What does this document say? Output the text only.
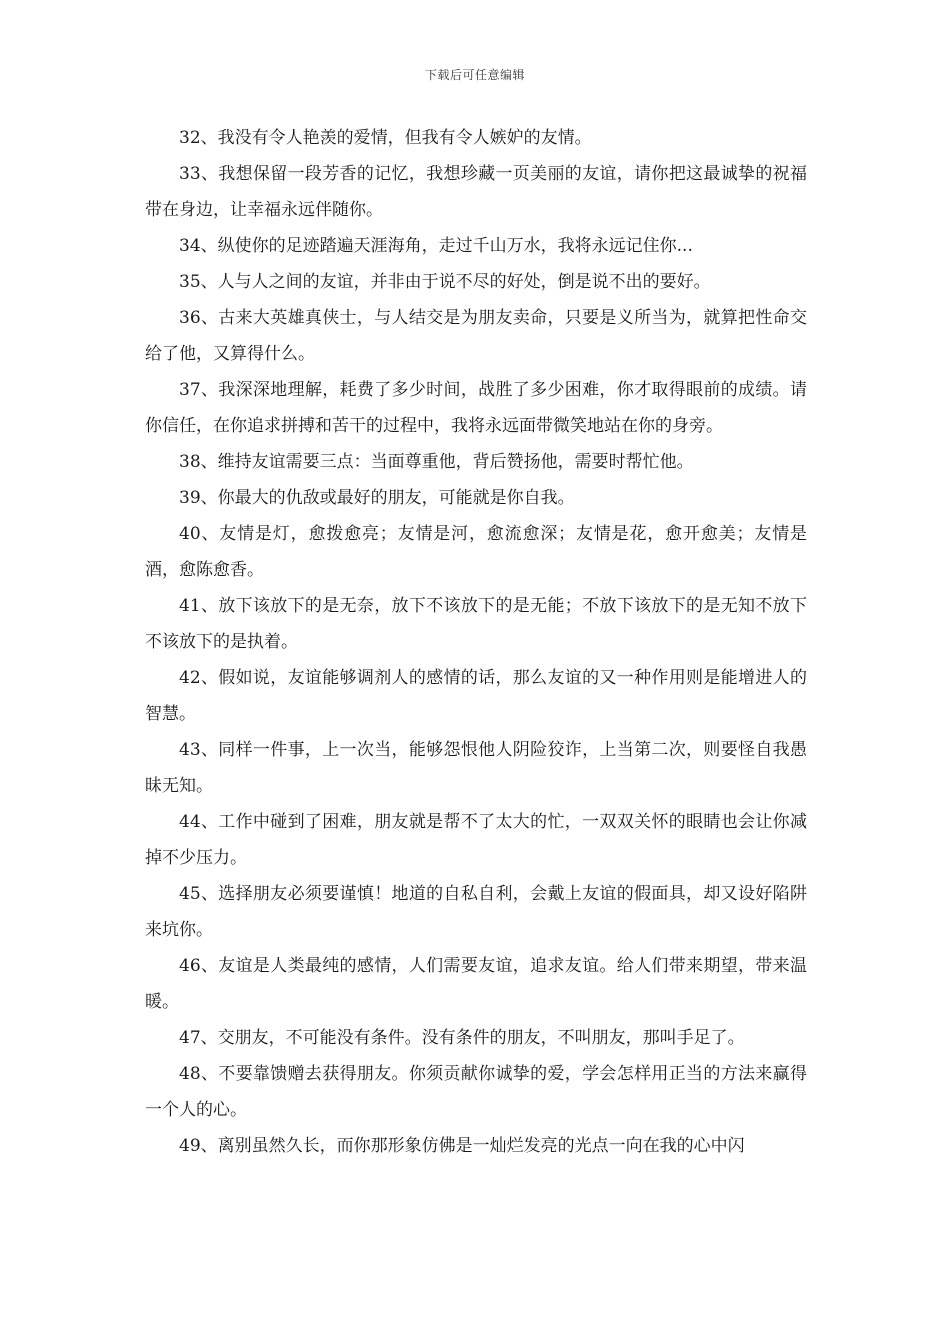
下载后可任意编辑

32、我没有令人艳羡的爱情，但我有令人嫉妒的友情。

33、我想保留一段芳香的记忆，我想珍藏一页美丽的友谊，请你把这最诚挚的祝福带在身边，让幸福永远伴随你。

34、纵使你的足迹踏遍天涯海角，走过千山万水，我将永远记住你...

35、人与人之间的友谊，并非由于说不尽的好处，倒是说不出的要好。

36、古来大英雄真侠士，与人结交是为朋友卖命，只要是义所当为，就算把性命交给了他，又算得什么。

37、我深深地理解，耗费了多少时间，战胜了多少困难，你才取得眼前的成绩。请你信任，在你追求拼搏和苦干的过程中，我将永远面带微笑地站在你的身旁。

38、维持友谊需要三点：当面尊重他，背后赞扬他，需要时帮忙他。

39、你最大的仇敌或最好的朋友，可能就是你自我。

40、友情是灯，愈拨愈亮；友情是河，愈流愈深；友情是花，愈开愈美；友情是酒，愈陈愈香。

41、放下该放下的是无奈，放下不该放下的是无能；不放下该放下的是无知不放下不该放下的是执着。

42、假如说，友谊能够调剂人的感情的话，那么友谊的又一种作用则是能增进人的智慧。

43、同样一件事，上一次当，能够怨恨他人阴险狡诈，上当第二次，则要怪自我愚昧无知。

44、工作中碰到了困难，朋友就是帮不了太大的忙，一双双关怀的眼睛也会让你减掉不少压力。

45、选择朋友必须要谨慎！地道的自私自利，会戴上友谊的假面具，却又设好陷阱来坑你。

46、友谊是人类最纯的感情，人们需要友谊，追求友谊。给人们带来期望，带来温暖。

47、交朋友，不可能没有条件。没有条件的朋友，不叫朋友，那叫手足了。

48、不要靠馈赠去获得朋友。你须贡献你诚挚的爱，学会怎样用正当的方法来赢得一个人的心。

49、离别虽然久长，而你那形象仿佛是一灿烂发亮的光点一向在我的心中闪
